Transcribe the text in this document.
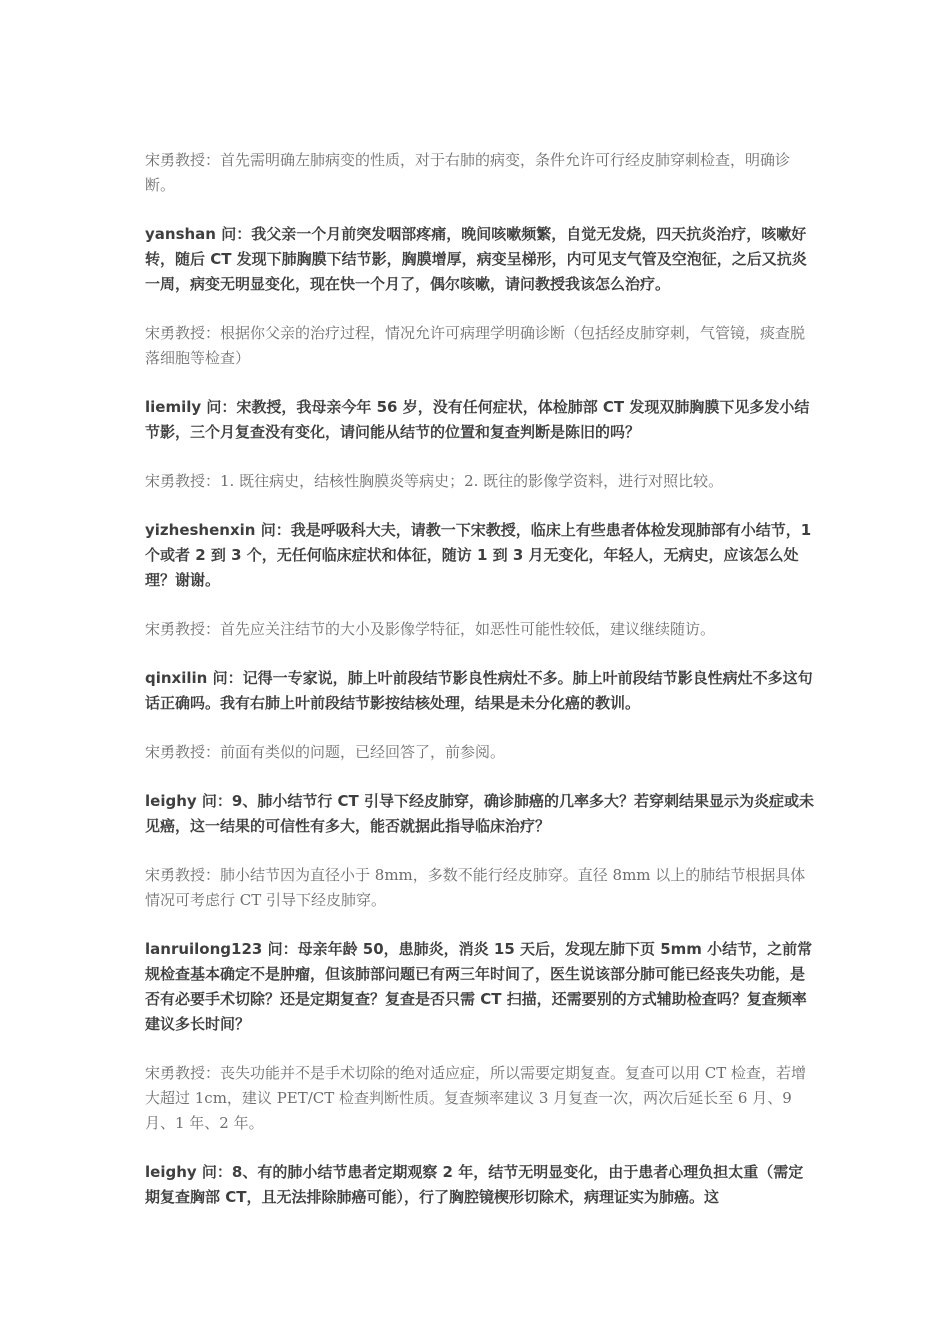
宋勇教授：首先需明确左肺病变的性质，对于右肺的病变，条件允许可行经皮肺穿刺检查，明确诊断。

yanshan 问：我父亲一个月前突发咽部疼痛，晚间咳嗽频繁，自觉无发烧，四天抗炎治疗，咳嗽好转，随后 CT 发现下肺胸膜下结节影，胸膜增厚，病变呈梯形，内可见支气管及空泡征，之后又抗炎一周，病变无明显变化，现在快一个月了，偶尔咳嗽，请问教授我该怎么治疗。

宋勇教授：根据你父亲的治疗过程，情况允许可病理学明确诊断（包括经皮肺穿刺，气管镜，痰查脱落细胞等检查）

liemily 问：宋教授，我母亲今年 56 岁，没有任何症状，体检肺部 CT 发现双肺胸膜下见多发小结节影，三个月复查没有变化，请问能从结节的位置和复查判断是陈旧的吗？

宋勇教授：1. 既往病史，结核性胸膜炎等病史；2. 既往的影像学资料，进行对照比较。

yizheshenxin 问：我是呼吸科大夫，请教一下宋教授，临床上有些患者体检发现肺部有小结节，1 个或者 2 到 3 个，无任何临床症状和体征，随访 1 到 3 月无变化，年轻人，无病史，应该怎么处理？谢谢。

宋勇教授：首先应关注结节的大小及影像学特征，如恶性可能性较低，建议继续随访。

qinxilin 问：记得一专家说，肺上叶前段结节影良性病灶不多。肺上叶前段结节影良性病灶不多这句话正确吗。我有右肺上叶前段结节影按结核处理，结果是未分化癌的教训。

宋勇教授：前面有类似的问题，已经回答了，前参阅。

leighy 问：9、肺小结节行 CT 引导下经皮肺穿，确诊肺癌的几率多大？若穿刺结果显示为炎症或未见癌，这一结果的可信性有多大，能否就据此指导临床治疗？

宋勇教授：肺小结节因为直径小于 8mm，多数不能行经皮肺穿。直径 8mm 以上的肺结节根据具体情况可考虑行 CT 引导下经皮肺穿。

lanruilong123 问：母亲年龄 50，患肺炎，消炎 15 天后，发现左肺下页 5mm 小结节，之前常规检查基本确定不是肿瘤，但该肺部问题已有两三年时间了，医生说该部分肺可能已经丧失功能，是否有必要手术切除？还是定期复查？复查是否只需 CT 扫描，还需要别的方式辅助检查吗？复查频率建议多长时间？

宋勇教授：丧失功能并不是手术切除的绝对适应症，所以需要定期复查。复查可以用 CT 检查，若增大超过 1cm，建议 PET/CT 检查判断性质。复查频率建议 3 月复查一次，两次后延长至 6 月、9 月、1 年、2 年。

leighy 问：8、有的肺小结节患者定期观察 2 年，结节无明显变化，由于患者心理负担太重（需定期复查胸部 CT，且无法排除肺癌可能），行了胸腔镜楔形切除术，病理证实为肺癌。这
